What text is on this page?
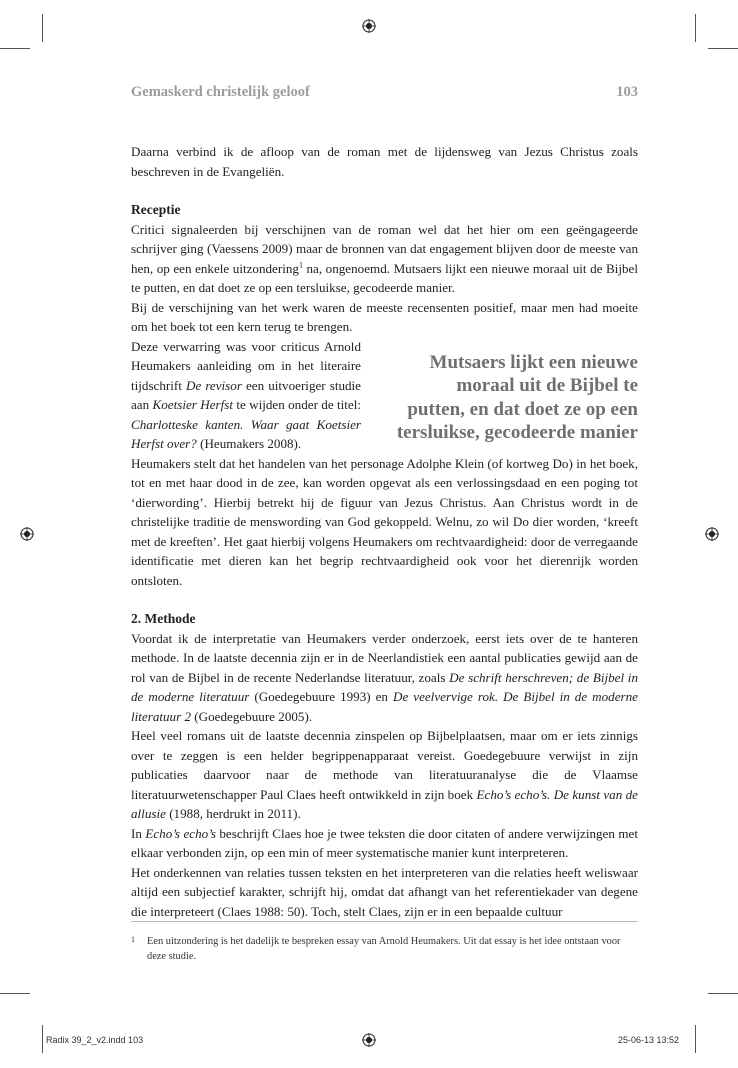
Gemaskerd christelijk geloof	103

Daarna verbind ik de afloop van de roman met de lijdensweg van Jezus Christus zoals beschreven in de Evangeliën.

Receptie

Critici signaleerden bij verschijnen van de roman wel dat het hier om een geëngageerde schrijver ging (Vaessens 2009) maar de bronnen van dat engagement blijven door de meeste van hen, op een enkele uitzondering$^1$ na, ongenoemd. Mutsaers lijkt een nieuwe moraal uit de Bijbel te putten, en dat doet ze op een tersluikse, gecodeerde manier.

Bij de verschijning van het werk waren de meeste recensenten positief, maar men had moeite om het boek tot een kern terug te brengen.

Mutsaers lijkt een nieuwe
moraal uit de Bijbel te
putten, en dat doet ze op een
tersluikse, gecodeerde manier

Deze verwarring was voor criticus Arnold Heumakers aanleiding om in het literaire tijdschrift De revisor een uitvoeriger studie aan Koetsier Herfst te wijden onder de titel: Charlotteske kanten. Waar gaat Koetsier Herfst over? (Heumakers 2008).

Heumakers stelt dat het handelen van het personage Adolphe Klein (of kortweg Do) in het boek, tot en met haar dood in de zee, kan worden opgevat als een verlossingsdaad en een poging tot ‘dierwording’. Hierbij betrekt hij de figuur van Jezus Christus. Aan Christus wordt in de christelijke traditie de menswording van God gekoppeld. Welnu, zo wil Do dier worden, ‘kreeft met de kreeften’. Het gaat hierbij volgens Heumakers om rechtvaardigheid: door de verregaande identificatie met dieren kan het begrip rechtvaardigheid ook voor het dierenrijk worden ontsloten.

2. Methode

Voordat ik de interpretatie van Heumakers verder onderzoek, eerst iets over de te hanteren methode. In de laatste decennia zijn er in de Neerlandistiek een aantal publicaties gewijd aan de rol van de Bijbel in de recente Nederlandse literatuur, zoals De schrift herschreven; de Bijbel in de moderne literatuur (Goedegebuure 1993) en De veelvervige rok. De Bijbel in de moderne literatuur 2 (Goedegebuure 2005).

Heel veel romans uit de laatste decennia zinspelen op Bijbelplaatsen, maar om er iets zinnigs over te zeggen is een helder begrippenapparaat vereist. Goedegebuure verwijst in zijn publicaties daarvoor naar de methode van literatuuranalyse die de Vlaamse literatuurwetenschapper Paul Claes heeft ontwikkeld in zijn boek Echo’s echo’s. De kunst van de allusie (1988, herdrukt in 2011).

In Echo’s echo’s beschrijft Claes hoe je twee teksten die door citaten of andere verwijzingen met elkaar verbonden zijn, op een min of meer systematische manier kunt interpreteren.

Het onderkennen van relaties tussen teksten en het interpreteren van die relaties heeft weliswaar altijd een subjectief karakter, schrijft hij, omdat dat afhangt van het referentiekader van degene die interpreteert (Claes 1988: 50). Toch, stelt Claes, zijn er in een bepaalde cultuur

1 Een uitzondering is het dadelijk te bespreken essay van Arnold Heumakers. Uit dat essay is het idee ontstaan voor deze studie.
Radix 39_2_v2.indd 103	25-06-13 13:52
